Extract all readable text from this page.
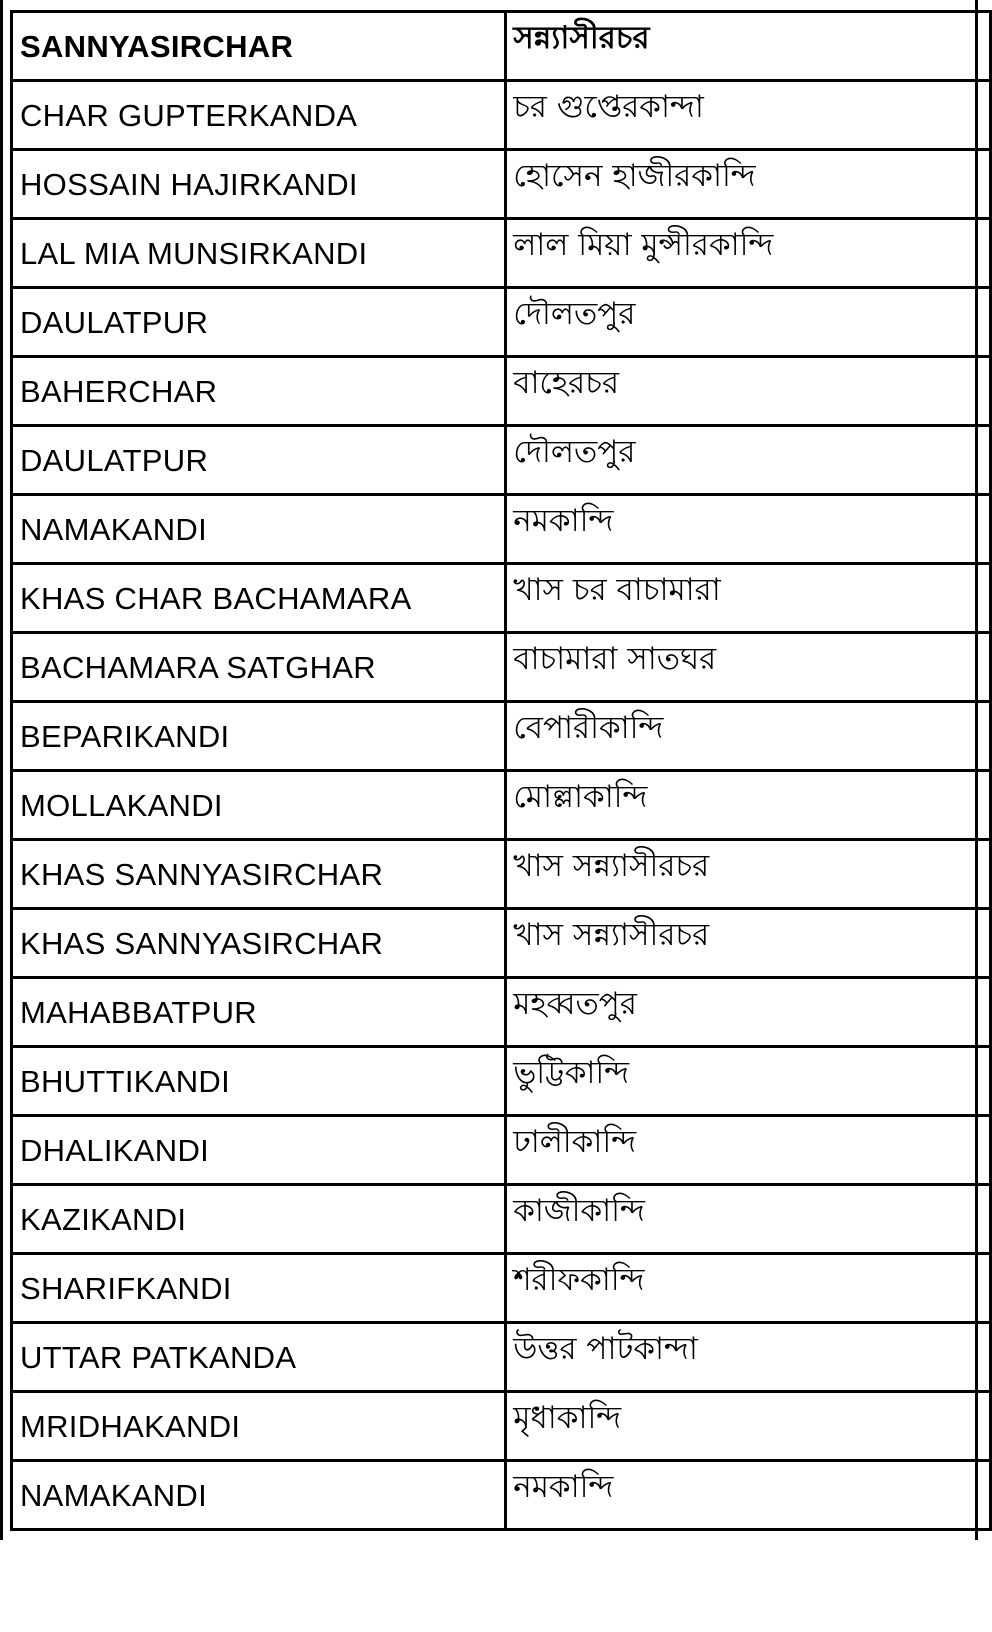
SANNYASIRCHAR	সন্ন্যাসীরচর
CHAR GUPTERKANDA	চর গুপ্তেরকান্দা
HOSSAIN HAJIRKANDI	হোসেন হাজীরকান্দি
LAL MIA MUNSIRKANDI	লাল মিয়া মুন্সীরকান্দি
DAULATPUR	দৌলতপুর
BAHERCHAR	বাহেরচর
DAULATPUR	দৌলতপুর
NAMAKANDI	নমকান্দি
KHAS CHAR BACHAMARA	খাস চর বাচামারা
BACHAMARA SATGHAR	বাচামারা সাতঘর
BEPARIKANDI	বেপারীকান্দি
MOLLAKANDI	মোল্লাকান্দি
KHAS SANNYASIRCHAR	খাস সন্ন্যাসীরচর
KHAS SANNYASIRCHAR	খাস সন্ন্যাসীরচর
MAHABBATPUR	মহব্বতপুর
BHUTTIKANDI	ভুট্টিকান্দি
DHALIKANDI	ঢালীকান্দি
KAZIKANDI	কাজীকান্দি
SHARIFKANDI	শরীফকান্দি
UTTAR PATKANDA	উত্তর পাটকান্দা
MRIDHAKANDI	মৃধাকান্দি
NAMAKANDI	নমকান্দি
